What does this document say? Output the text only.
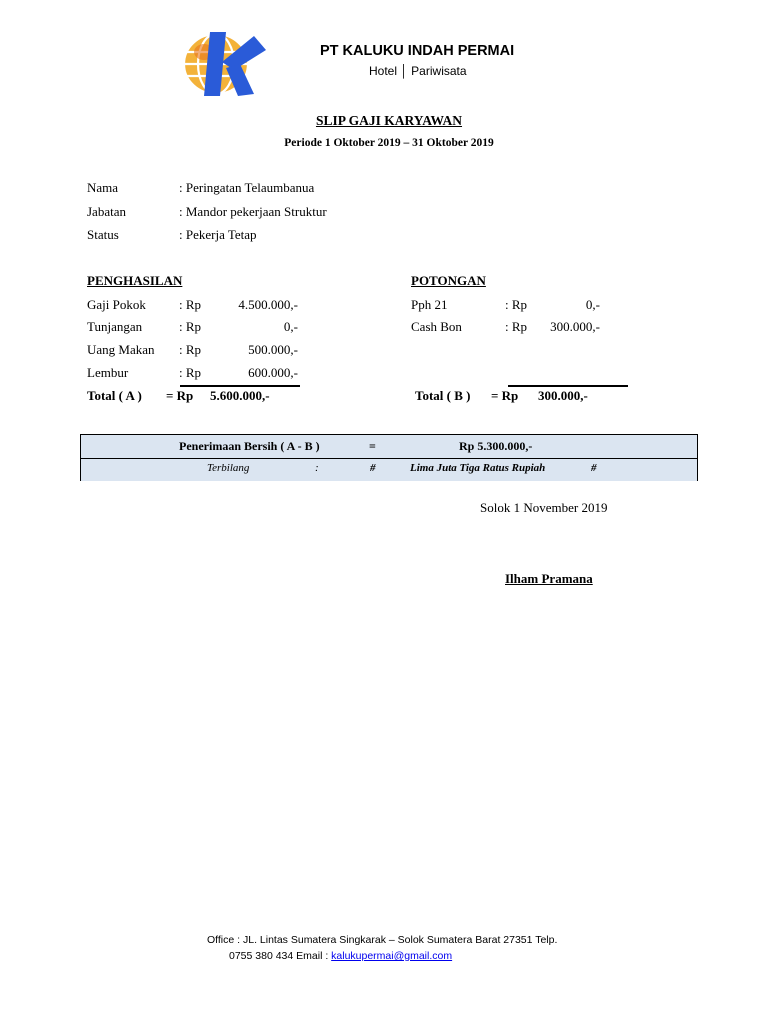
PT KALUKU INDAH PERMAI
Hotel │ Pariwisata
SLIP GAJI KARYAWAN
Periode 1 Oktober 2019 – 31 Oktober 2019
Nama	: Peringatan Telaumbanua
Jabatan	: Mandor pekerjaan Struktur
Status	: Pekerja Tetap
PENGHASILAN
Gaji Pokok	: Rp	4.500.000,-
Tunjangan	: Rp	0,-
Uang Makan : Rp	500.000,-
Lembur	: Rp	600.000,-
Total ( A ) = Rp 5.600.000,-
POTONGAN
Pph 21	: Rp	0,-
Cash Bon	: Rp	300.000,-
Total ( B ) = Rp 300.000,-
Penerimaan Bersih ( A - B )	=	Rp 5.300.000,-
Terbilang	:	#	Lima Juta Tiga Ratus Rupiah	#
Solok 1 November 2019
Ilham Pramana
Office : JL. Lintas Sumatera Singkarak – Solok Sumatera Barat 27351 Telp.
0755 380 434 Email : kalukupermai@gmail.com
